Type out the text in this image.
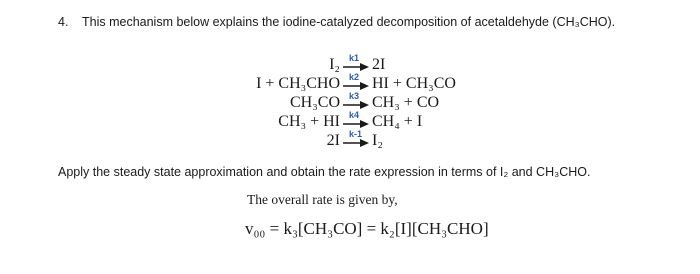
4. This mechanism below explains the iodine-catalyzed decomposition of acetaldehyde (CH₃CHO).
I₂ k1 2I
I + CH₃CHO k2 HI + CH₃CO
CH₃CO k3 CH₃ + CO
CH₃ + HI k4 CH₄ + I
2I k-1 I₂
Apply the steady state approximation and obtain the rate expression in terms of I₂ and CH₃CHO.
The overall rate is given by,
v₀₀ = k₃[CH₃CO] = k₂[I][CH₃CHO]
